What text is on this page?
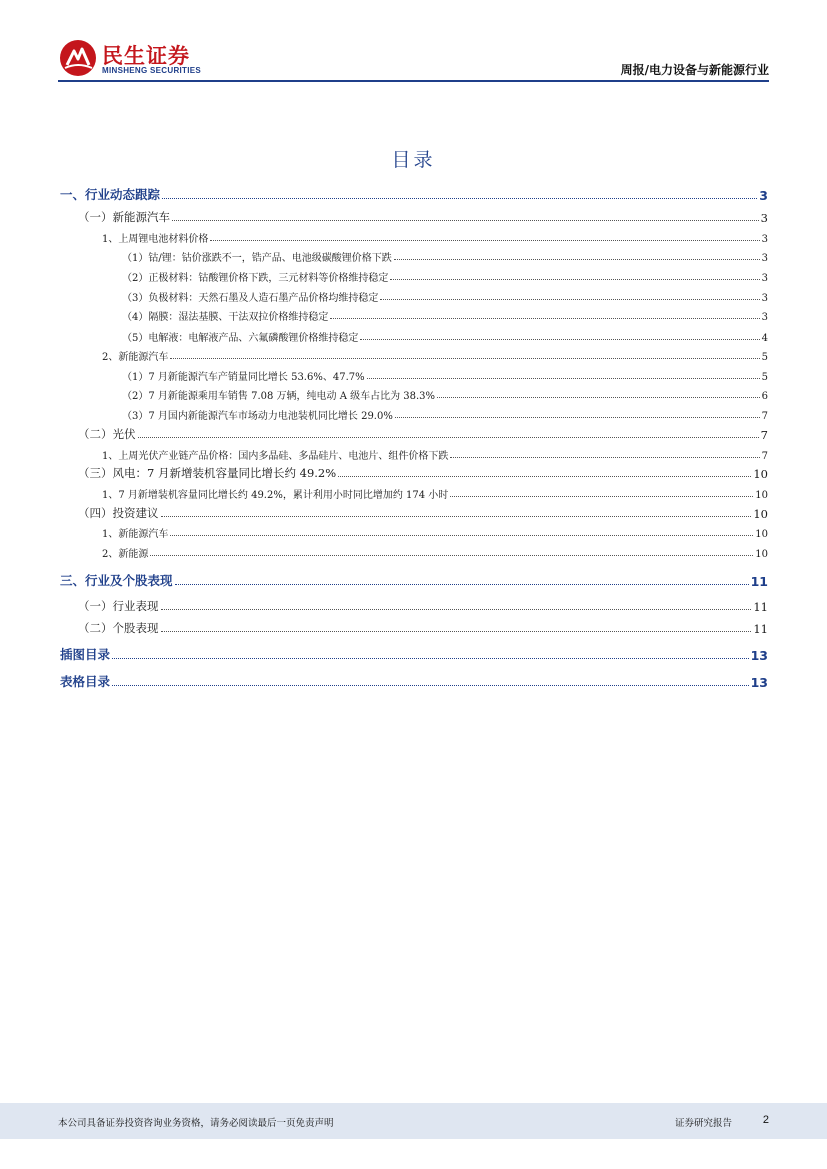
民生证券
MINSHENG SECURITIES	周报/电力设备与新能源行业
目录
一、行业动态跟踪	3
（一）新能源汽车	3
1、上周锂电池材料价格	3
（1）钴/锂：钴价涨跌不一，锆产品、电池级碳酸锂价格下跌	3
（2）正极材料：钴酸锂价格下跌，三元材料等价格维持稳定	3
（3）负极材料：天然石墨及人造石墨产品价格均维持稳定	3
（4）隔膜：湿法基膜、干法双拉价格维持稳定	3
（5）电解液：电解液产品、六氟磷酸锂价格维持稳定	4
2、新能源汽车	5
（1）7 月新能源汽车产销量同比增长 53.6%、47.7%	5
（2）7 月新能源乘用车销售 7.08 万辆，纯电动 A 级车占比为 38.3%	6
（3）7 月国内新能源汽车市场动力电池装机同比增长 29.0%	7
（二）光伏	7
1、上周光伏产业链产品价格：国内多晶硅、多晶硅片、电池片、组件价格下跌	7
（三）风电：7 月新增装机容量同比增长约 49.2%	10
1、7 月新增装机容量同比增长约 49.2%，累计利用小时同比增加约 174 小时	10
（四）投资建议	10
1、新能源汽车	10
2、新能源	10
三、行业及个股表现	11
（一）行业表现	11
（二）个股表现	11
插图目录	13
表格目录	13
本公司具备证券投资咨询业务资格，请务必阅读最后一页免责声明	证券研究报告	2
